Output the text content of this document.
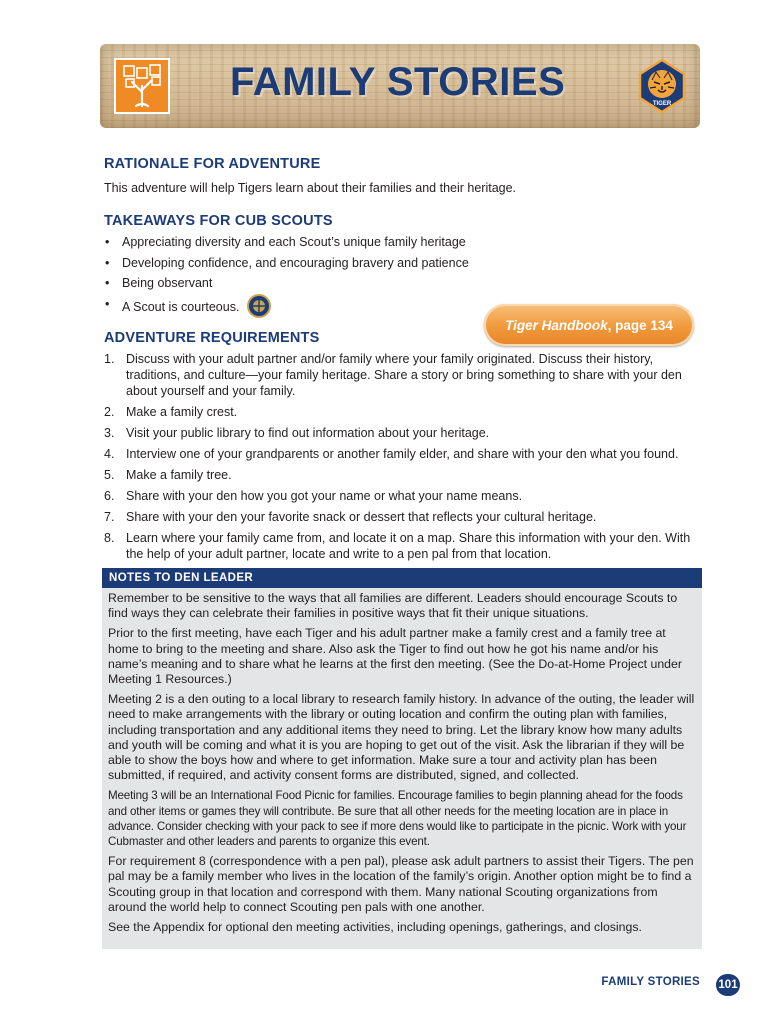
FAMILY STORIES	TIGER
RATIONALE FOR ADVENTURE
This adventure will help Tigers learn about their families and their heritage.
TAKEAWAYS FOR CUB SCOUTS
• Appreciating diversity and each Scout’s unique family heritage
• Developing confidence, and encouraging bravery and patience
• Being observant
• A Scout is courteous.
Tiger Handbook , page 134
ADVENTURE REQUIREMENTS
1. Discuss with your adult partner and/or family where your family originated. Discuss their history, traditions, and culture—your family heritage. Share a story or bring something to share with your den about yourself and your family.
2. Make a family crest.
3. Visit your public library to find out information about your heritage.
4. Interview one of your grandparents or another family elder, and share with your den what you found.
5. Make a family tree.
6. Share with your den how you got your name or what your name means.
7. Share with your den your favorite snack or dessert that reflects your cultural heritage.
8. Learn where your family came from, and locate it on a map. Share this information with your den. With the help of your adult partner, locate and write to a pen pal from that location.
NOTES TO DEN LEADER

Remember to be sensitive to the ways that all families are different. Leaders should encourage Scouts to find ways they can celebrate their families in positive ways that fit their unique situations.

Prior to the first meeting, have each Tiger and his adult partner make a family crest and a family tree at home to bring to the meeting and share. Also ask the Tiger to find out how he got his name and/or his name’s meaning and to share what he learns at the first den meeting. (See the Do-at-Home Project under Meeting 1 Resources.)

Meeting 2 is a den outing to a local library to research family history. In advance of the outing, the leader will need to make arrangements with the library or outing location and confirm the outing plan with families, including transportation and any additional items they need to bring. Let the library know how many adults and youth will be coming and what it is you are hoping to get out of the visit. Ask the librarian if they will be able to show the boys how and where to get information. Make sure a tour and activity plan has been submitted, if required, and activity consent forms are distributed, signed, and collected.

Meeting 3 will be an International Food Picnic for families. Encourage families to begin planning ahead for the foods and other items or games they will contribute. Be sure that all other needs for the meeting location are in place in advance. Consider checking with your pack to see if more dens would like to participate in the picnic. Work with your Cubmaster and other leaders and parents to organize this event.

For requirement 8 (correspondence with a pen pal), please ask adult partners to assist their Tigers. The pen pal may be a family member who lives in the location of the family’s origin. Another option might be to find a Scouting group in that location and correspond with them. Many national Scouting organizations from around the world help to connect Scouting pen pals with one another.

See the Appendix for optional den meeting activities, including openings, gatherings, and closings.

FAMILY STORIES 101
